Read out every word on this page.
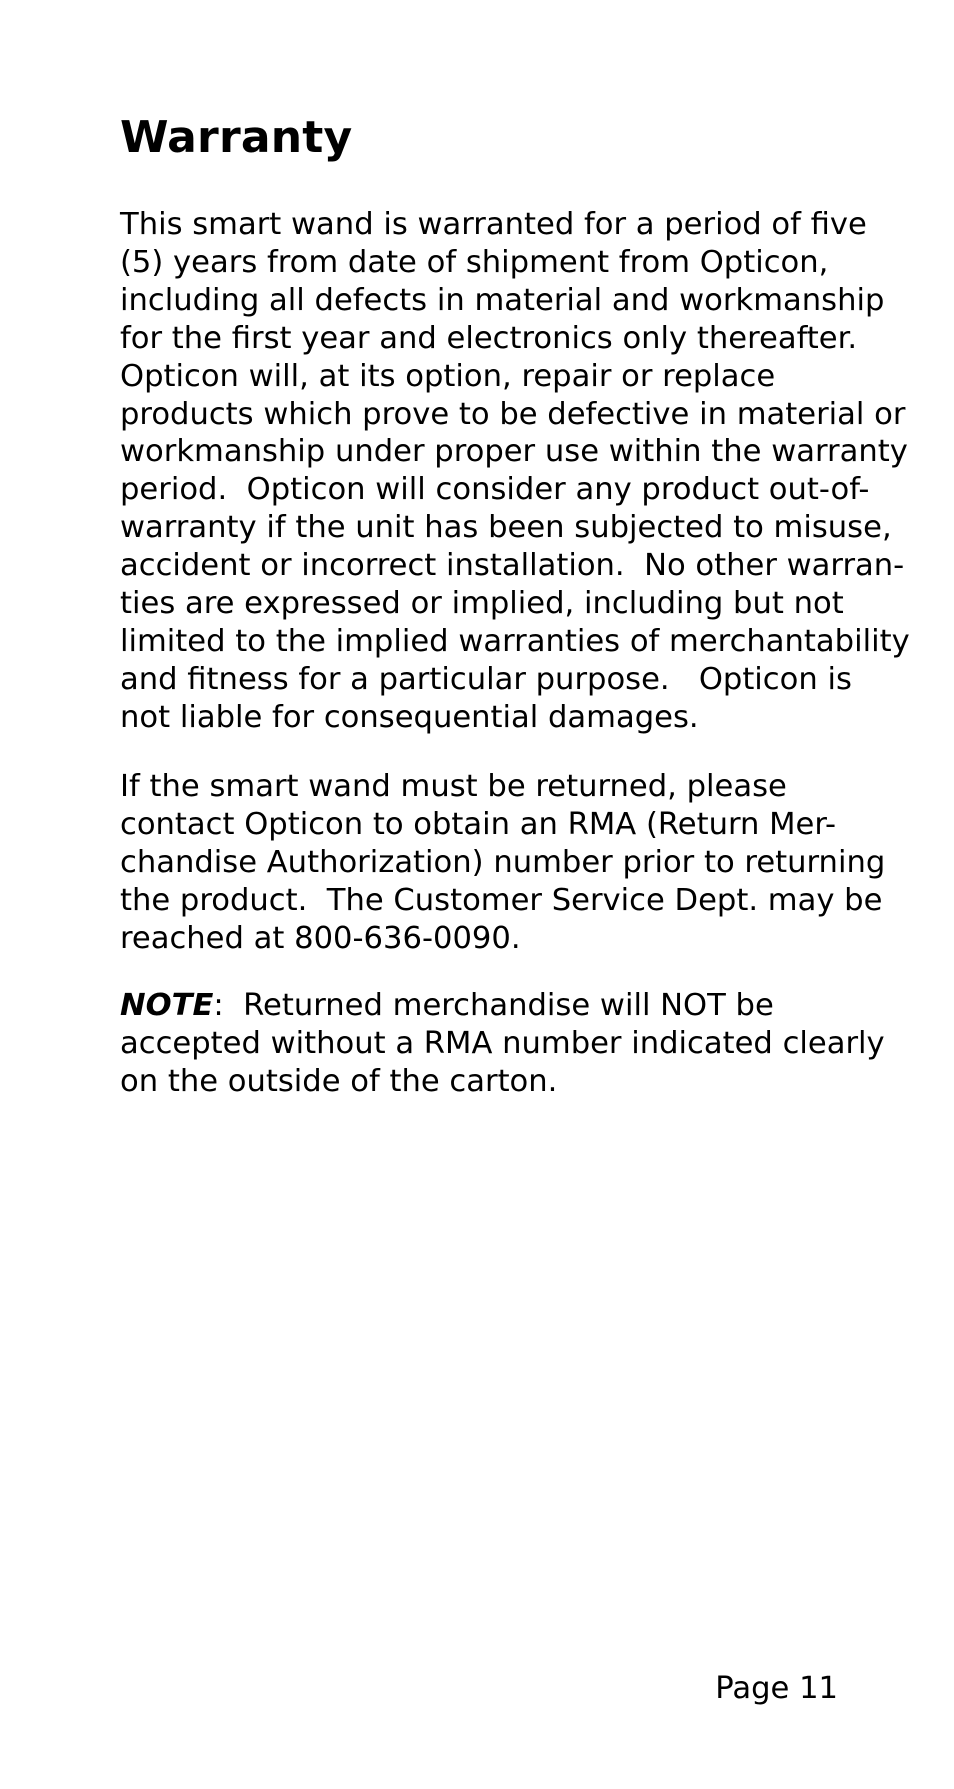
Warranty

This smart wand is warranted for a period of five
(5) years from date of shipment from Opticon,
including all defects in material and workmanship
for the first year and electronics only thereafter.
Opticon will, at its option, repair or replace
products which prove to be defective in material or
workmanship under proper use within the warranty
period.  Opticon will consider any product out-of-
warranty if the unit has been subjected to misuse,
accident or incorrect installation.  No other warran-
ties are expressed or implied, including but not
limited to the implied warranties of merchantability
and fitness for a particular purpose.   Opticon is
not liable for consequential damages.

If the smart wand must be returned, please
contact Opticon to obtain an RMA (Return Mer-
chandise Authorization) number prior to returning
the product.  The Customer Service Dept. may be
reached at 800-636-0090.

NOTE:  Returned merchandise will NOT be
accepted without a RMA number indicated clearly
on the outside of the carton.

Page 11
